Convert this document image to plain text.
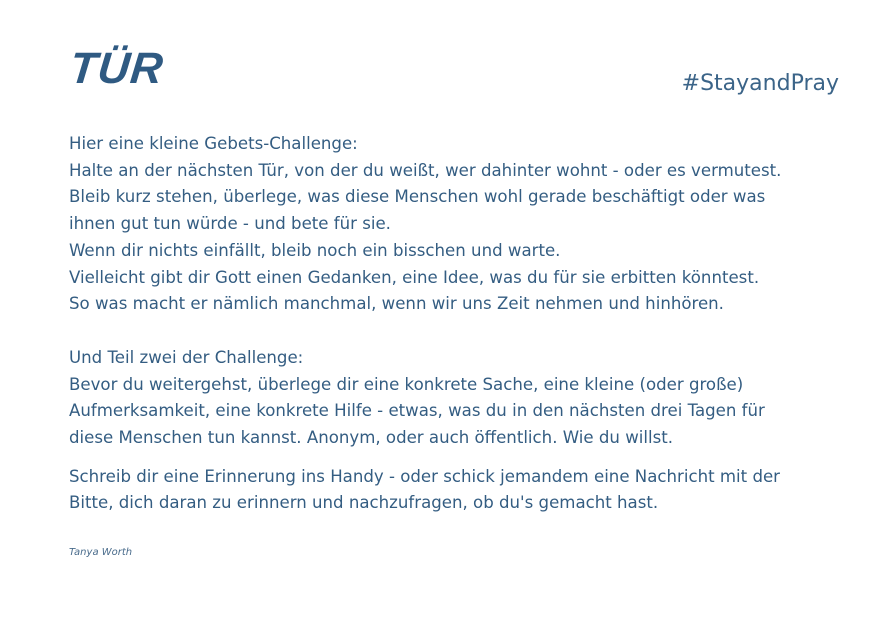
TÜR	#StayandPray

Hier eine kleine Gebets-Challenge:

Halte an der nächsten Tür, von der du weißt, wer dahinter wohnt - oder es vermutest.

Bleib kurz stehen, überlege, was diese Menschen wohl gerade beschäftigt oder was

ihnen gut tun würde - und bete für sie.

Wenn dir nichts einfällt, bleib noch ein bisschen und warte.

Vielleicht gibt dir Gott einen Gedanken, eine Idee, was du für sie erbitten könntest.

So was macht er nämlich manchmal, wenn wir uns Zeit nehmen und hinhören.

Und Teil zwei der Challenge:

Bevor du weitergehst, überlege dir eine konkrete Sache, eine kleine (oder große)

Aufmerksamkeit, eine konkrete Hilfe - etwas, was du in den nächsten drei Tagen für

diese Menschen tun kannst. Anonym, oder auch öffentlich. Wie du willst.

Schreib dir eine Erinnerung ins Handy - oder schick jemandem eine Nachricht mit der

Bitte, dich daran zu erinnern und nachzufragen, ob du's gemacht hast.

Tanya Worth
